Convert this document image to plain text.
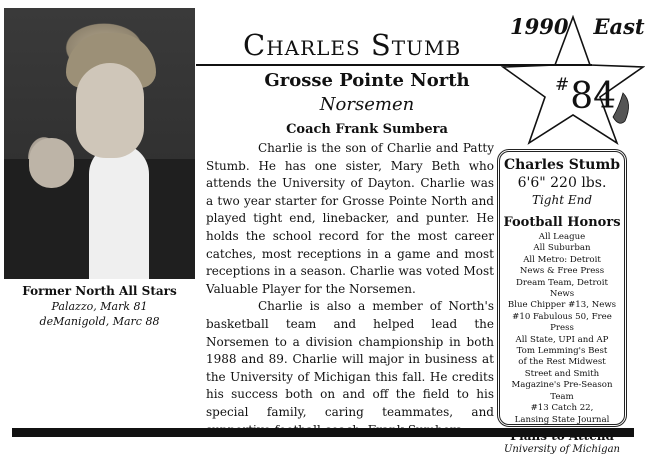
Former North All Stars
Palazzo, Mark 81
deManigold, Marc 88
Charles Stumb
1990 East
#84
Grosse Pointe North
Norsemen
Coach Frank Sumbera

Charlie is the son of Charlie and Patty Stumb. He has one sister, Mary Beth who attends the University of Dayton. Charlie was a two year starter for Grosse Pointe North and played tight end, linebacker, and punter. He holds the school record for the most career catches, most receptions in a game and most receptions in a season. Charlie was voted Most Valuable Player for the Norsemen.

Charlie is also a member of North's basketball team and helped lead the Norsemen to a division championship in both 1988 and 89. Charlie will major in business at the University of Michigan this fall. He credits his success both on and off the field to his special family, caring teammates, and

Charles Stumb
6'6" 220 lbs.
Tight End
Football Honors
All League
All Suburban
All Metro: Detroit
News & Free Press
Dream Team, Detroit News
Blue Chipper #13, News
#10 Fabulous 50, Free Press
All State, UPI and AP
Tom Lemming's Best
of the Rest Midwest
Street and Smith
Magazine's Pre-Season Team
#13 Catch 22,
Lansing State Journal
University of Michigan
